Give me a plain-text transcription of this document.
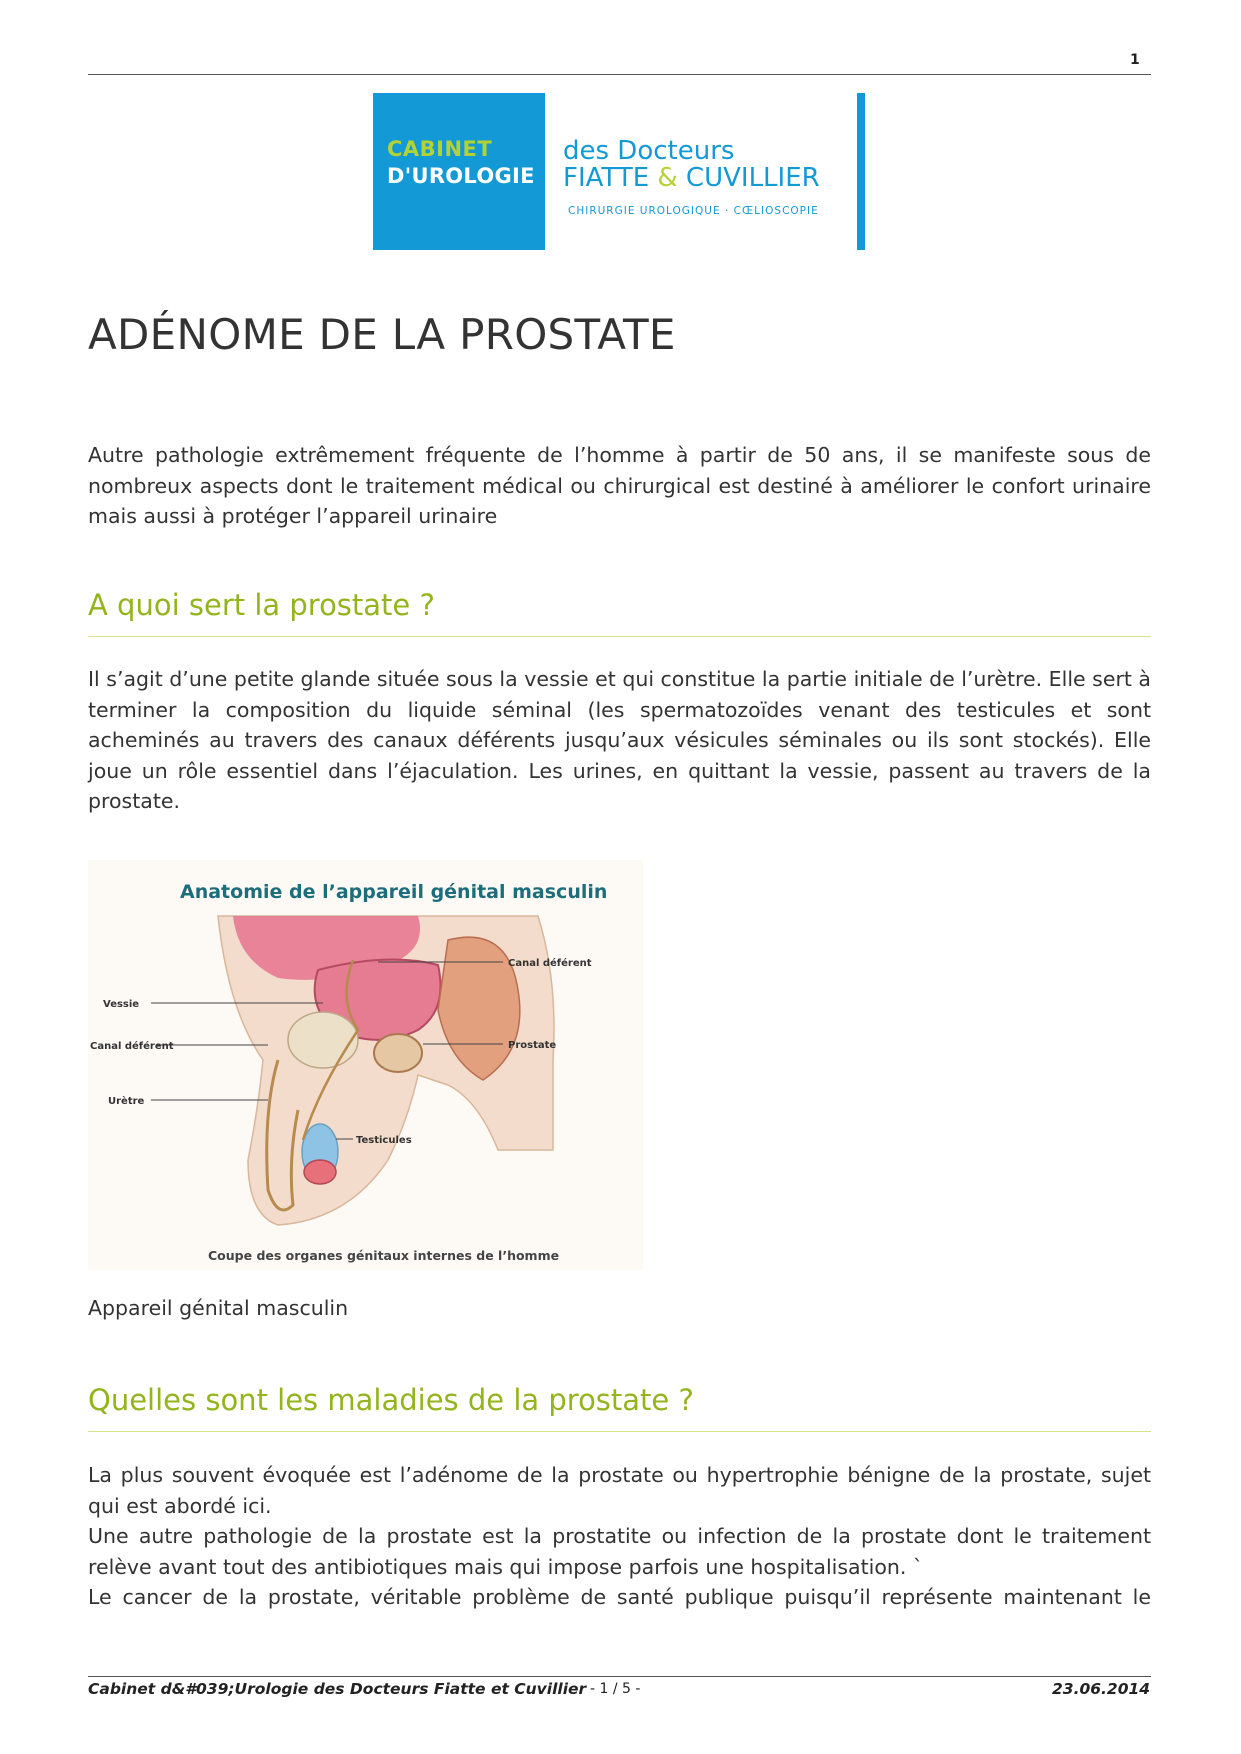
1
CABINET
D'UROLOGIE
des Docteurs
FIATTE & CUVILLIER
CHIRURGIE UROLOGIQUE · CŒLIOSCOPIE
ADÉNOME DE LA PROSTATE

Autre pathologie extrêmement fréquente de l’homme à partir de 50 ans, il se manifeste sous de nombreux aspects dont le traitement médical ou chirurgical est destiné à améliorer le confort urinaire mais aussi à protéger l’appareil urinaire

A quoi sert la prostate ?

Il s’agit d’une petite glande située sous la vessie et qui constitue la partie initiale de l’urètre. Elle sert à terminer la composition du liquide séminal (les spermatozoïdes venant des testicules et sont acheminés au travers des canaux déférents jusqu’aux vésicules séminales ou ils sont stockés). Elle joue un rôle essentiel dans l’éjaculation. Les urines, en quittant la vessie, passent au travers de la prostate.

Anatomie de l’appareil génital masculin
Vessie
Canal déférent
Urètre
Canal déférent
Prostate
Testicules
Coupe des organes génitaux internes de l’homme

Appareil génital masculin

Quelles sont les maladies de la prostate ?

La plus souvent évoquée est l’adénome de la prostate ou hypertrophie bénigne de la prostate, sujet qui est abordé ici.

Une autre pathologie de la prostate est la prostatite ou infection de la prostate dont le traitement relève avant tout des antibiotiques mais qui impose parfois une hospitalisation. `

Le cancer de la prostate, véritable problème de santé publique puisqu’il représente maintenant le

Cabinet d&#039;Urologie des Docteurs Fiatte et Cuvillier - 1 / 5 -	23.06.2014
